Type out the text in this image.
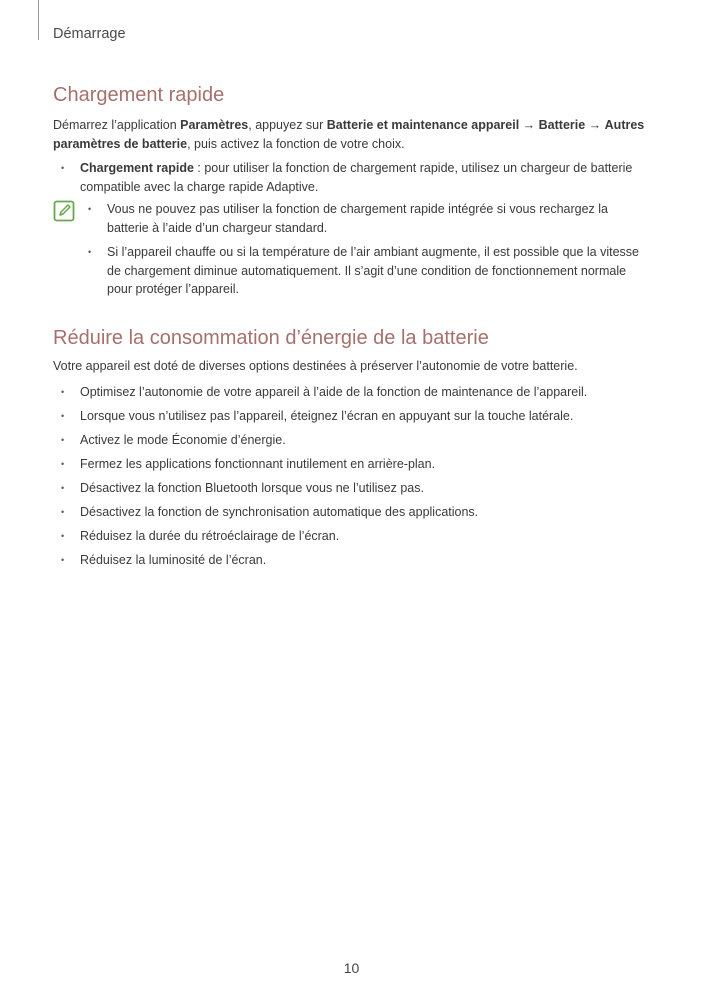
Démarrage
Chargement rapide

Démarrez l’application Paramètres, appuyez sur Batterie et maintenance appareil → Batterie → Autres paramètres de batterie, puis activez la fonction de votre choix.

• Chargement rapide : pour utiliser la fonction de chargement rapide, utilisez un chargeur de batterie compatible avec la charge rapide Adaptive.
• Vous ne pouvez pas utiliser la fonction de chargement rapide intégrée si vous rechargez la batterie à l’aide d’un chargeur standard.
• Si l’appareil chauffe ou si la température de l’air ambiant augmente, il est possible que la vitesse de chargement diminue automatiquement. Il s’agit d’une condition de fonctionnement normale pour protéger l’appareil.
Réduire la consommation d’énergie de la batterie

Votre appareil est doté de diverses options destinées à préserver l’autonomie de votre batterie.

• Optimisez l’autonomie de votre appareil à l’aide de la fonction de maintenance de l’appareil.
• Lorsque vous n’utilisez pas l’appareil, éteignez l’écran en appuyant sur la touche latérale.
• Activez le mode Économie d’énergie.
• Fermez les applications fonctionnant inutilement en arrière-plan.
• Désactivez la fonction Bluetooth lorsque vous ne l’utilisez pas.
• Désactivez la fonction de synchronisation automatique des applications.
• Réduisez la durée du rétroéclairage de l’écran.
• Réduisez la luminosité de l’écran.
10
